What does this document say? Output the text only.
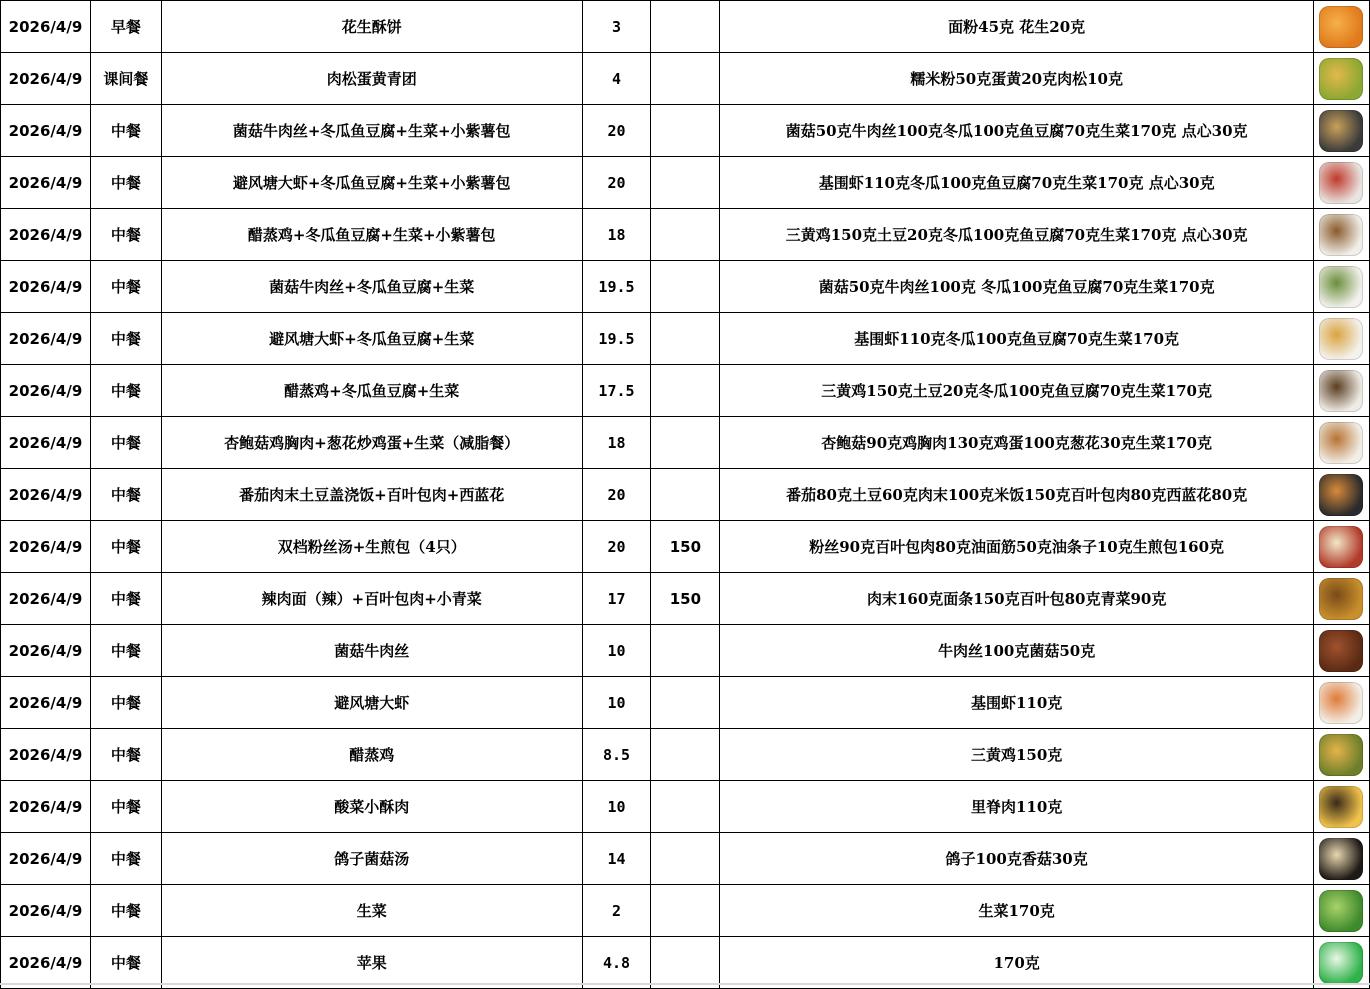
2026/4/9	早餐	花生酥饼	3		面粉45克 花生20克	

2026/4/9	课间餐	肉松蛋黄青团	4		糯米粉50克蛋黄20克肉松10克	

2026/4/9	中餐	菌菇牛肉丝+冬瓜鱼豆腐+生菜+小紫薯包	20		菌菇50克牛肉丝100克冬瓜100克鱼豆腐70克生菜170克 点心30克	

2026/4/9	中餐	避风塘大虾+冬瓜鱼豆腐+生菜+小紫薯包	20		基围虾110克冬瓜100克鱼豆腐70克生菜170克 点心30克	

2026/4/9	中餐	醋蒸鸡+冬瓜鱼豆腐+生菜+小紫薯包	18		三黄鸡150克土豆20克冬瓜100克鱼豆腐70克生菜170克 点心30克	

2026/4/9	中餐	菌菇牛肉丝+冬瓜鱼豆腐+生菜	19.5		菌菇50克牛肉丝100克 冬瓜100克鱼豆腐70克生菜170克	

2026/4/9	中餐	避风塘大虾+冬瓜鱼豆腐+生菜	19.5		基围虾110克冬瓜100克鱼豆腐70克生菜170克	

2026/4/9	中餐	醋蒸鸡+冬瓜鱼豆腐+生菜	17.5		三黄鸡150克土豆20克冬瓜100克鱼豆腐70克生菜170克	

2026/4/9	中餐	杏鲍菇鸡胸肉+葱花炒鸡蛋+生菜（减脂餐）	18		杏鲍菇90克鸡胸肉130克鸡蛋100克葱花30克生菜170克	

2026/4/9	中餐	番茄肉末土豆盖浇饭+百叶包肉+西蓝花	20		番茄80克土豆60克肉末100克米饭150克百叶包肉80克西蓝花80克	

2026/4/9	中餐	双档粉丝汤+生煎包（4只）	20	150	粉丝90克百叶包肉80克油面筋50克油条子10克生煎包160克	

2026/4/9	中餐	辣肉面（辣）+百叶包肉+小青菜	17	150	肉末160克面条150克百叶包80克青菜90克	

2026/4/9	中餐	菌菇牛肉丝	10		牛肉丝100克菌菇50克	

2026/4/9	中餐	避风塘大虾	10		基围虾110克	

2026/4/9	中餐	醋蒸鸡	8.5		三黄鸡150克	

2026/4/9	中餐	酸菜小酥肉	10		里脊肉110克	

2026/4/9	中餐	鸽子菌菇汤	14		鸽子100克香菇30克	

2026/4/9	中餐	生菜	2		生菜170克	

2026/4/9	中餐	苹果	4.8		170克	
